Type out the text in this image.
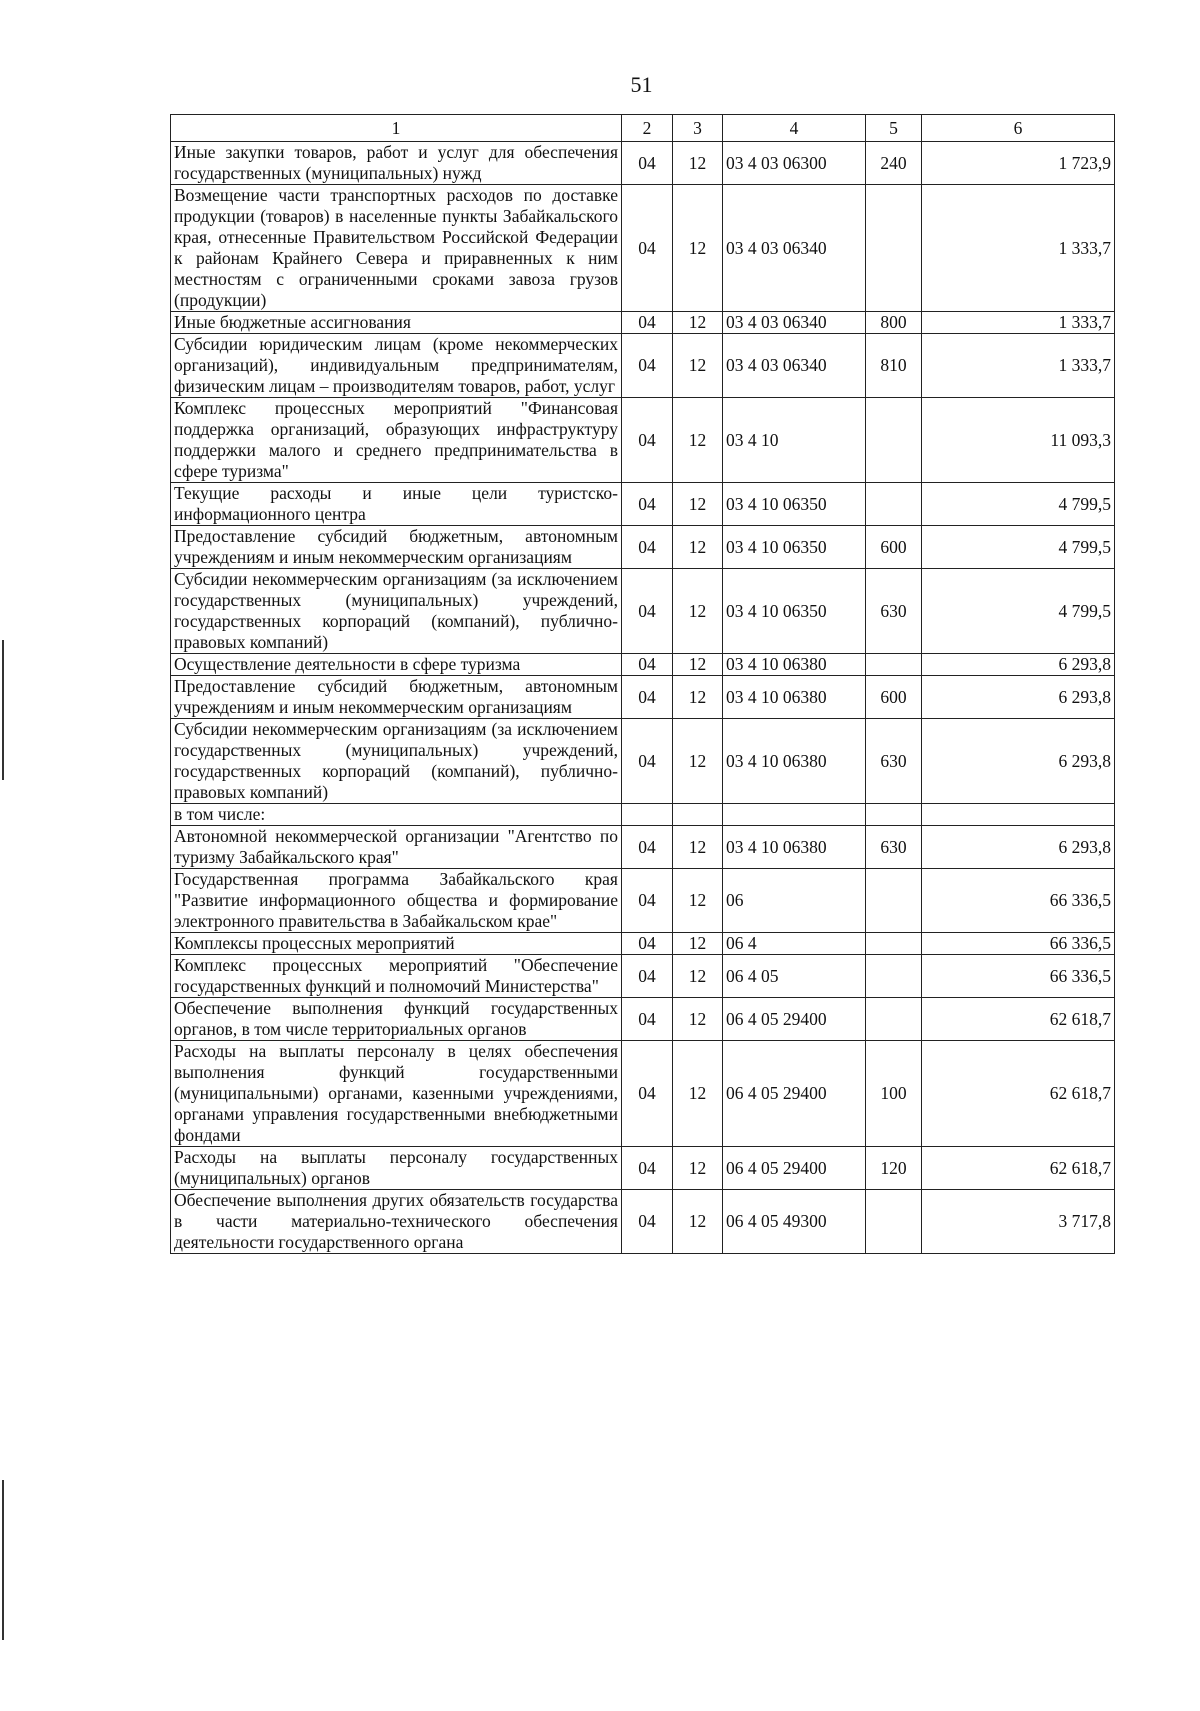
51
1	2	3	4	5	6
Иные закупки товаров, работ и услуг для обеспечения государственных (муниципальных) нужд	04	12	03 4 03 06300	240	1 723,9
Возмещение части транспортных расходов по доставке продукции (товаров) в населенные пункты Забайкальского края, отнесенные Правительством Российской Федерации к районам Крайнего Севера и приравненных к ним местностям с ограниченными сроками завоза грузов (продукции)	04	12	03 4 03 06340		1 333,7
Иные бюджетные ассигнования	04	12	03 4 03 06340	800	1 333,7
Субсидии юридическим лицам (кроме некоммерческих организаций), индивидуальным предпринимателям, физическим лицам – производителям товаров, работ, услуг	04	12	03 4 03 06340	810	1 333,7
Комплекс процессных мероприятий "Финансовая поддержка организаций, образующих инфраструктуру поддержки малого и среднего предпринимательства в сфере туризма"	04	12	03 4 10		11 093,3
Текущие расходы и иные цели туристско-информационного центра	04	12	03 4 10 06350		4 799,5
Предоставление субсидий бюджетным, автономным учреждениям и иным некоммерческим организациям	04	12	03 4 10 06350	600	4 799,5
Субсидии некоммерческим организациям (за исключением государственных (муниципальных) учреждений, государственных корпораций (компаний), публично-правовых компаний)	04	12	03 4 10 06350	630	4 799,5
Осуществление деятельности в сфере туризма	04	12	03 4 10 06380		6 293,8
Предоставление субсидий бюджетным, автономным учреждениям и иным некоммерческим организациям	04	12	03 4 10 06380	600	6 293,8
Субсидии некоммерческим организациям (за исключением государственных (муниципальных) учреждений, государственных корпораций (компаний), публично-правовых компаний)	04	12	03 4 10 06380	630	6 293,8
в том числе:					
Автономной некоммерческой организации "Агентство по туризму Забайкальского края"	04	12	03 4 10 06380	630	6 293,8
Государственная программа Забайкальского края "Развитие информационного общества и формирование электронного правительства в Забайкальском крае"	04	12	06		66 336,5
Комплексы процессных мероприятий	04	12	06 4		66 336,5
Комплекс процессных мероприятий "Обеспечение государственных функций и полномочий Министерства"	04	12	06 4 05		66 336,5
Обеспечение выполнения функций государственных органов, в том числе территориальных органов	04	12	06 4 05 29400		62 618,7
Расходы на выплаты персоналу в целях обеспечения выполнения функций государственными (муниципальными) органами, казенными учреждениями, органами управления государственными внебюджетными фондами	04	12	06 4 05 29400	100	62 618,7
Расходы на выплаты персоналу государственных (муниципальных) органов	04	12	06 4 05 29400	120	62 618,7
Обеспечение выполнения других обязательств государства в части материально-технического обеспечения деятельности государственного органа	04	12	06 4 05 49300		3 717,8
